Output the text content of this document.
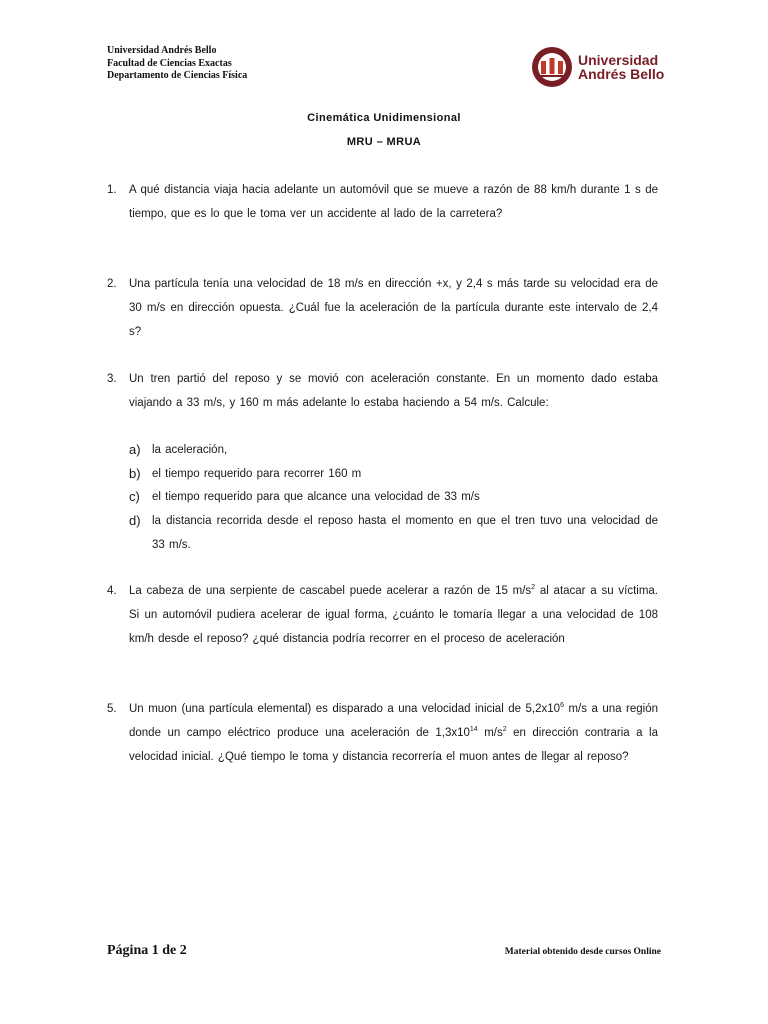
Universidad Andrés Bello
Facultad de Ciencias Exactas
Departamento de Ciencias Física
Universidad
Andrés Bello
Cinemática Unidimensional
MRU – MRUA
1. A qué distancia viaja hacia adelante un automóvil que se mueve a razón de 88 km/h durante 1 s de tiempo, que es lo que le toma ver un accidente al lado de la carretera?
2. Una partícula tenía una velocidad de 18 m/s en dirección +x, y 2,4 s más tarde su velocidad era de 30 m/s en dirección opuesta. ¿Cuál fue la aceleración de la partícula durante este intervalo de 2,4 s?
3. Un tren partió del reposo y se movió con aceleración constante. En un momento dado estaba viajando a 33 m/s, y 160 m más adelante lo estaba haciendo a 54 m/s. Calcule:
a) la aceleración,
b) el tiempo requerido para recorrer 160 m
c) el tiempo requerido para que alcance una velocidad de 33 m/s
d) la distancia recorrida desde el reposo hasta el momento en que el tren tuvo una velocidad de 33 m/s.
4. La cabeza de una serpiente de cascabel puede acelerar a razón de 15 $m/s^2$ al atacar a su víctima. Si un automóvil pudiera acelerar de igual forma, ¿cuánto le tomaría llegar a una velocidad de 108 km/h desde el reposo? ¿qué distancia podría recorrer en el proceso de aceleración
5. Un muon (una partícula elemental) es disparado a una velocidad inicial de $5,2x10^6$ m/s a una región donde un campo eléctrico produce una aceleración de $1,3x10^{14}$ $m/s^2$ en dirección contraria a la velocidad inicial. ¿Qué tiempo le toma y distancia recorrería el muon antes de llegar al reposo?
Página 1 de 2	Material obtenido desde cursos Online
